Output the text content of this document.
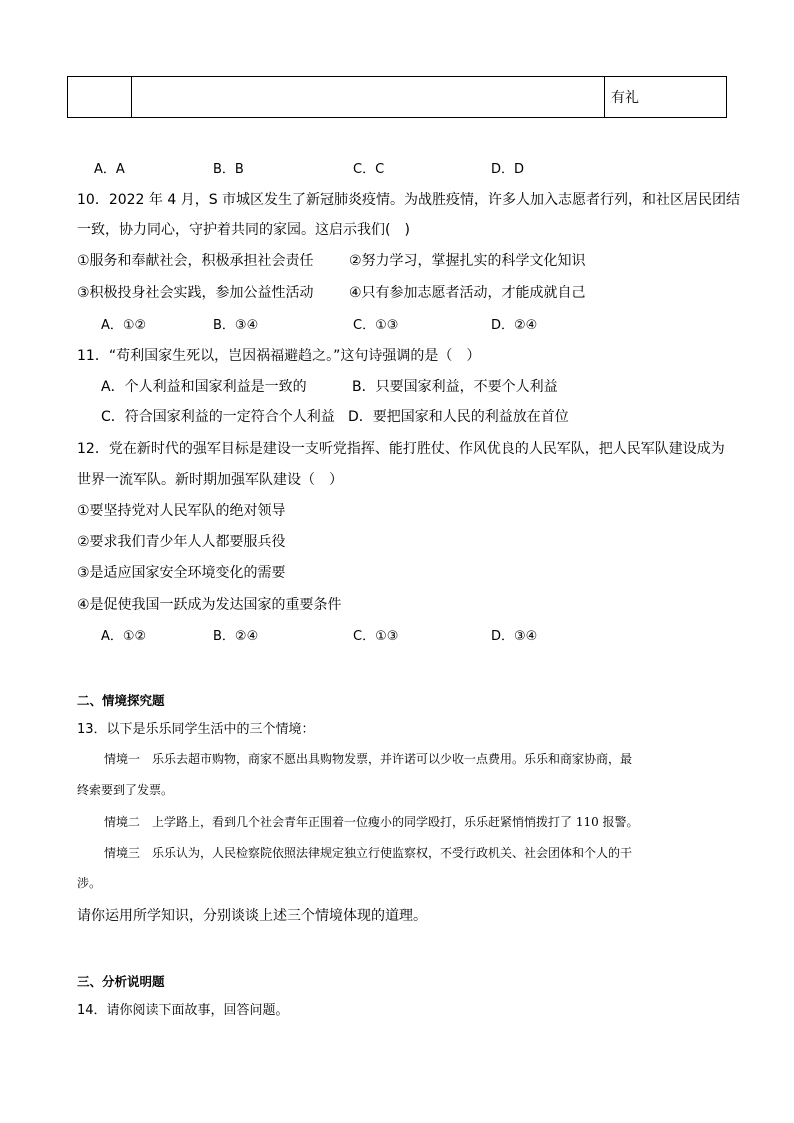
		有礼
A．A	B．B	C．C	D．D
10．2022 年 4 月，S 市城区发生了新冠肺炎疫情。为战胜疫情，许多人加入志愿者行列，和社区居民团结
一致，协力同心，守护着共同的家园。这启示我们(　)
①服务和奉献社会，积极承担社会责任	②努力学习，掌握扎实的科学文化知识
③积极投身社会实践，参加公益性活动	④只有参加志愿者活动，才能成就自己
A．①②	B．③④	C．①③	D．②④
11．“苟利国家生死以，岂因祸福避趋之。”这句诗强调的是（　）
A．个人利益和国家利益是一致的	B．只要国家利益，不要个人利益
C．符合国家利益的一定符合个人利益 D．要把国家和人民的利益放在首位
12．党在新时代的强军目标是建设一支听党指挥、能打胜仗、作风优良的人民军队，把人民军队建设成为
世界一流军队。新时期加强军队建设（　）
①要坚持党对人民军队的绝对领导
②要求我们青少年人人都要服兵役
③是适应国家安全环境变化的需要
④是促使我国一跃成为发达国家的重要条件
A．①②	B．②④	C．①③	D．③④
二、情境探究题
13．以下是乐乐同学生活中的三个情境：
情境一　乐乐去超市购物，商家不愿出具购物发票，并许诺可以少收一点费用。乐乐和商家协商，最
终索要到了发票。
情境二　上学路上，看到几个社会青年正围着一位瘦小的同学殴打，乐乐赶紧悄悄拨打了 110 报警。
情境三　乐乐认为，人民检察院依照法律规定独立行使监察权，不受行政机关、社会团体和个人的干
涉。
请你运用所学知识，分别谈谈上述三个情境体现的道理。
三、分析说明题
14．请你阅读下面故事，回答问题。
